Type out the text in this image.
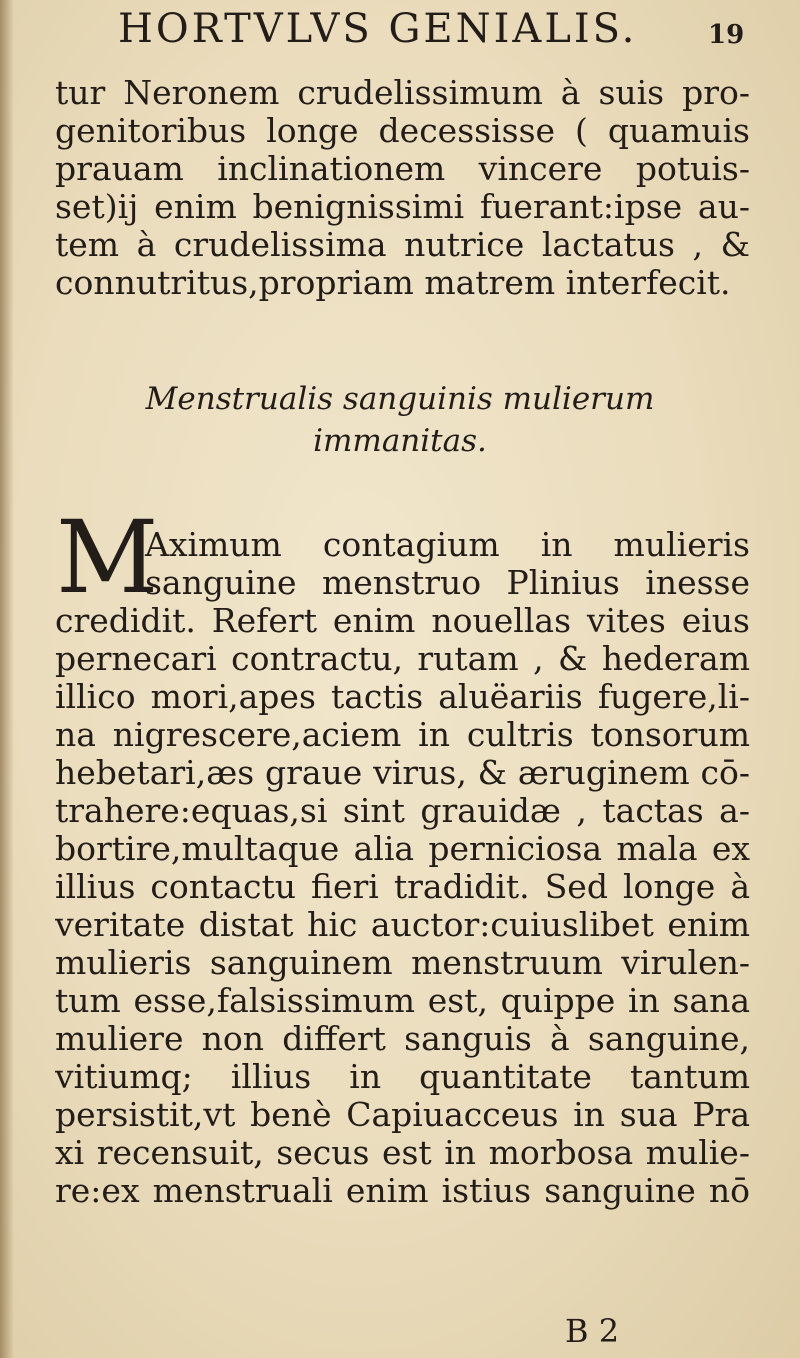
HORTVLVS GENIALIS.	19
tur Neronem crudelissimum à suis pro-
genitoribus longe decessisse ( quamuis
prauam inclinationem vincere potuis-
set)ij enim benignissimi fuerant:ipse au-
tem à crudelissima nutrice lactatus , &
connutritus,propriam matrem interfecit.
Menstrualis sanguinis mulierum
immanitas.
M
Aximum contagium in mulieris
sanguine menstruo Plinius inesse
credidit. Refert enim nouellas vites eius
pernecari contractu, rutam , & hederam
illico mori,apes tactis aluëariis fugere,li-
na nigrescere,aciem in cultris tonsorum
hebetari,æs graue virus, & æruginem cō-
trahere:equas,si sint grauidæ , tactas a-
bortire,multaque alia perniciosa mala ex
illius contactu fieri tradidit. Sed longe à
veritate distat hic auctor:cuiuslibet enim
mulieris sanguinem menstruum virulen-
tum esse,falsissimum est, quippe in sana
muliere non differt sanguis à sanguine,
vitiumq; illius in quantitate tantum
persistit,vt benè Capiuacceus in sua Pra
xi recensuit, secus est in morbosa mulie-
re:ex menstruali enim istius sanguine nō
B 2
